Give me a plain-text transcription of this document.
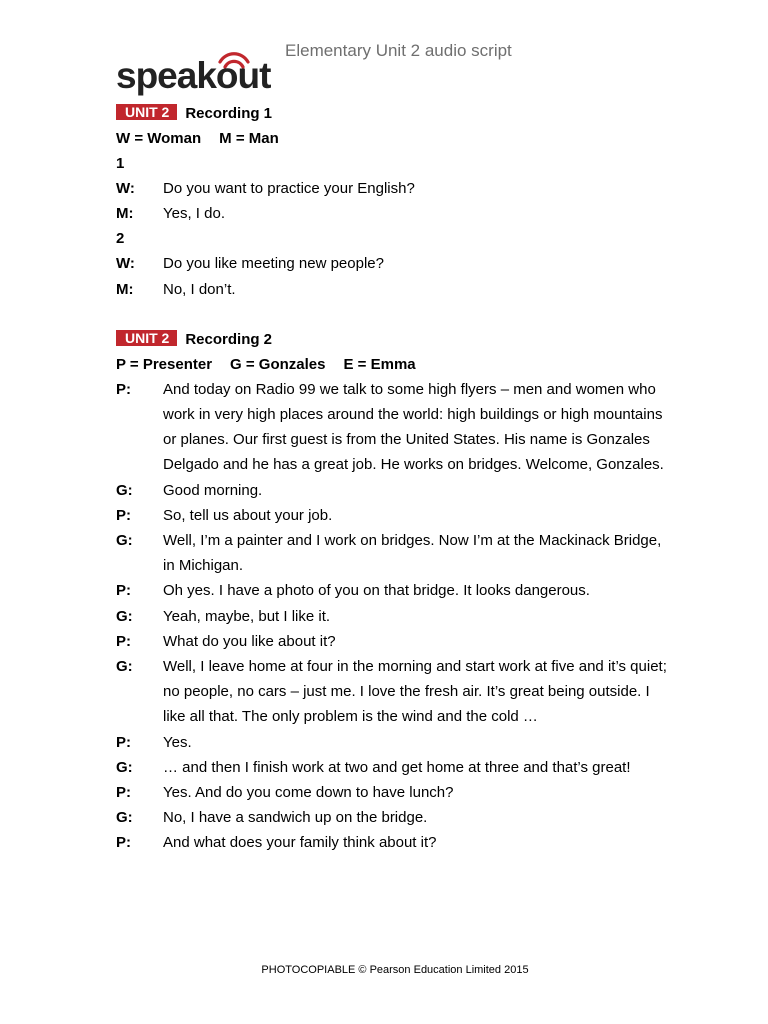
Elementary Unit 2 audio script
speakout
UNIT 2 Recording 1
W = Woman M = Man
1
W:	Do you want to practice your English?
M:	Yes, I do.
2
W:	Do you like meeting new people?
M:	No, I don’t.
UNIT 2 Recording 2
P = Presenter G = Gonzales E = Emma
P:	And today on Radio 99 we talk to some high flyers – men and women who work in very high places around the world: high buildings or high mountains or planes. Our first guest is from the United States. His name is Gonzales Delgado and he has a great job. He works on bridges. Welcome, Gonzales.
G:	Good morning.
P:	So, tell us about your job.
G:	Well, I’m a painter and I work on bridges. Now I’m at the Mackinack Bridge, in Michigan.
P:	Oh yes. I have a photo of you on that bridge. It looks dangerous.
G:	Yeah, maybe, but I like it.
P:	What do you like about it?
G:	Well, I leave home at four in the morning and start work at five and it’s quiet; no people, no cars – just me. I love the fresh air. It’s great being outside. I like all that. The only problem is the wind and the cold …
P:	Yes.
G:	… and then I finish work at two and get home at three and that’s great!
P:	Yes. And do you come down to have lunch?
G:	No, I have a sandwich up on the bridge.
P:	And what does your family think about it?
PHOTOCOPIABLE © Pearson Education Limited 2015
